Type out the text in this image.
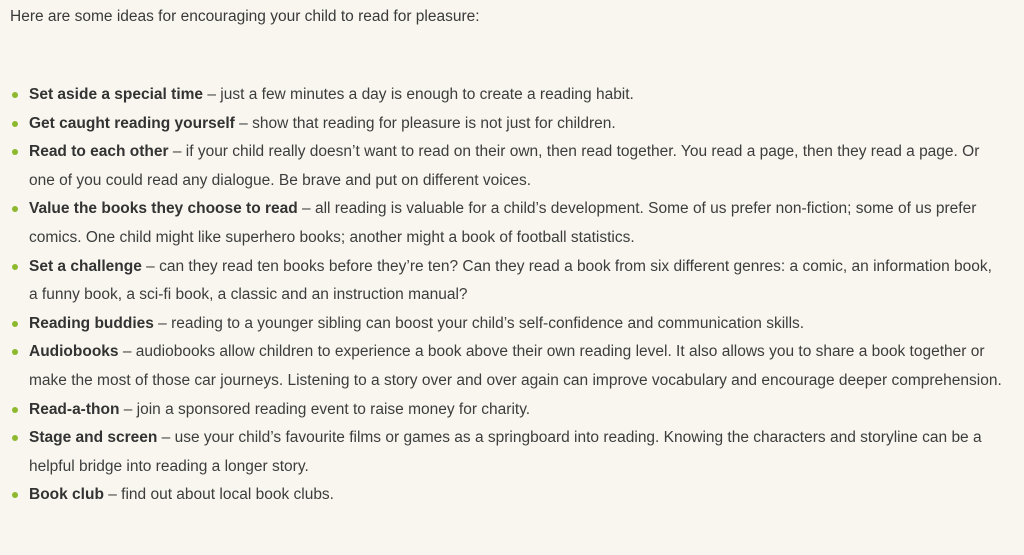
Here are some ideas for encouraging your child to read for pleasure:

Set aside a special time – just a few minutes a day is enough to create a reading habit.
Get caught reading yourself – show that reading for pleasure is not just for children.
Read to each other – if your child really doesn’t want to read on their own, then read together. You read a page, then they read a page. Or one of you could read any dialogue. Be brave and put on different voices.
Value the books they choose to read – all reading is valuable for a child’s development. Some of us prefer non-fiction; some of us prefer comics. One child might like superhero books; another might a book of football statistics.
Set a challenge – can they read ten books before they’re ten? Can they read a book from six different genres: a comic, an information book, a funny book, a sci-fi book, a classic and an instruction manual?
Reading buddies – reading to a younger sibling can boost your child’s self-confidence and communication skills.
Audiobooks – audiobooks allow children to experience a book above their own reading level. It also allows you to share a book together or make the most of those car journeys. Listening to a story over and over again can improve vocabulary and encourage deeper comprehension.
Read-a-thon – join a sponsored reading event to raise money for charity.
Stage and screen – use your child’s favourite films or games as a springboard into reading. Knowing the characters and storyline can be a helpful bridge into reading a longer story.
Book club – find out about local book clubs.
